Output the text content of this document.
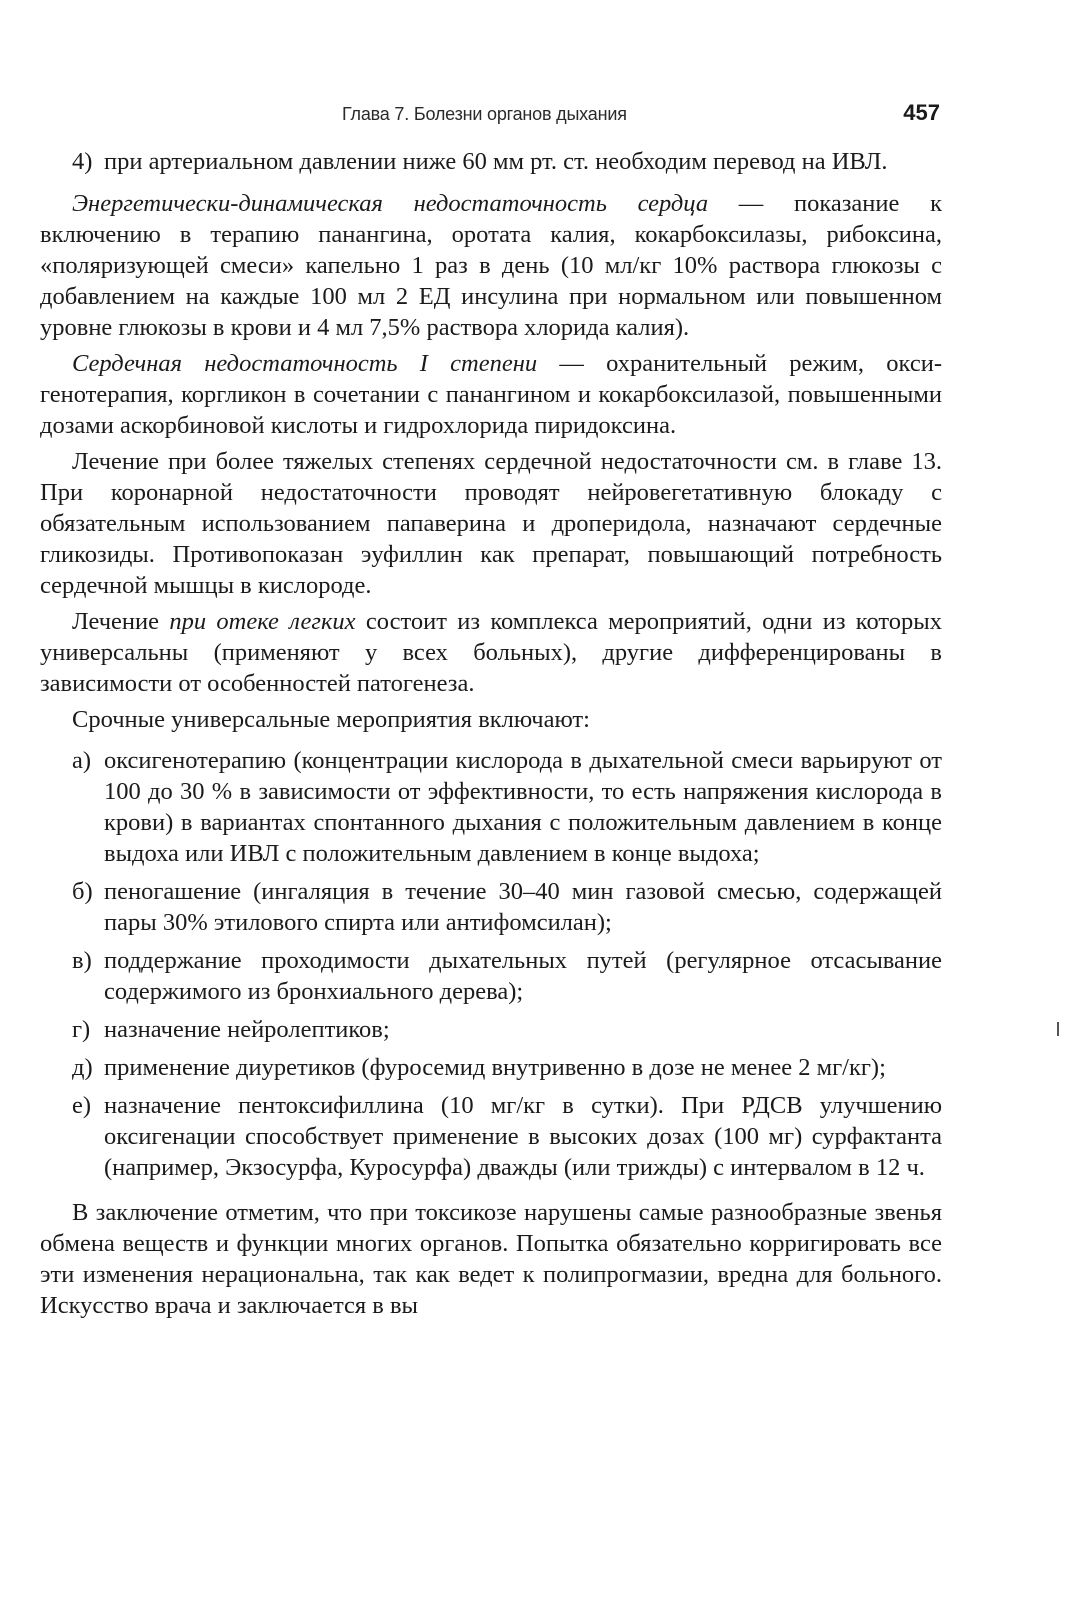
Глава 7. Болезни органов дыхания	457
4) при артериальном давлении ниже 60 мм рт. ст. необходим перевод на ИВЛ.

Энергетически-динамическая недостаточность сердца — показание к включению в терапию панангина, оротата калия, кокарбоксилазы, рибоксина, «поляризующей смеси» капельно 1 раз в день (10 мл/кг 10% раствора глюкозы с добавлением на каждые 100 мл 2 ЕД инсулина при нормальном или повышенном уровне глюкозы в крови и 4 мл 7,5% раствора хлорида калия).

Сердечная недостаточность I степени — охранительный режим, оксигенотерапия, коргликон в сочетании с панангином и кокарбоксилазой, повышенными дозами аскорбиновой кислоты и гидрохлорида пиридоксина.

Лечение при более тяжелых степенях сердечной недостаточности см. в главе 13. При коронарной недостаточности проводят нейровегетативную блокаду с обязательным использованием папаверина и дроперидола, назначают сердечные гликозиды. Противопоказан эуфиллин как препарат, повышающий потребность сердечной мышцы в кислороде.

Лечение при отеке легких состоит из комплекса мероприятий, одни из которых универсальны (применяют у всех больных), другие дифференцированы в зависимости от особенностей патогенеза.

Срочные универсальные мероприятия включают:

а) оксигенотерапию (концентрации кислорода в дыхательной смеси варьируют от 100 до 30 % в зависимости от эффективности, то есть напряжения кислорода в крови) в вариантах спонтанного дыхания с положительным давлением в конце выдоха или ИВЛ с положительным давлением в конце выдоха;
б) пеногашение (ингаляция в течение 30–40 мин газовой смесью, содержащей пары 30% этилового спирта или антифомсилан);
в) поддержание проходимости дыхательных путей (регулярное отсасывание содержимого из бронхиального дерева);
г) назначение нейролептиков;
д) применение диуретиков (фуросемид внутривенно в дозе не менее 2 мг/кг);
е) назначение пентоксифиллина (10 мг/кг в сутки). При РДСВ улучшению оксигенации способствует применение в высоких дозах (100 мг) сурфактанта (например, Экзосурфа, Куросурфа) дважды (или трижды) с интервалом в 12 ч.

В заключение отметим, что при токсикозе нарушены самые разнообразные звенья обмена веществ и функции многих органов. Попытка обязательно корригировать все эти изменения нерациональна, так как ведет к полипрогмазии, вредна для больного. Искусство врача и заключается в вы
